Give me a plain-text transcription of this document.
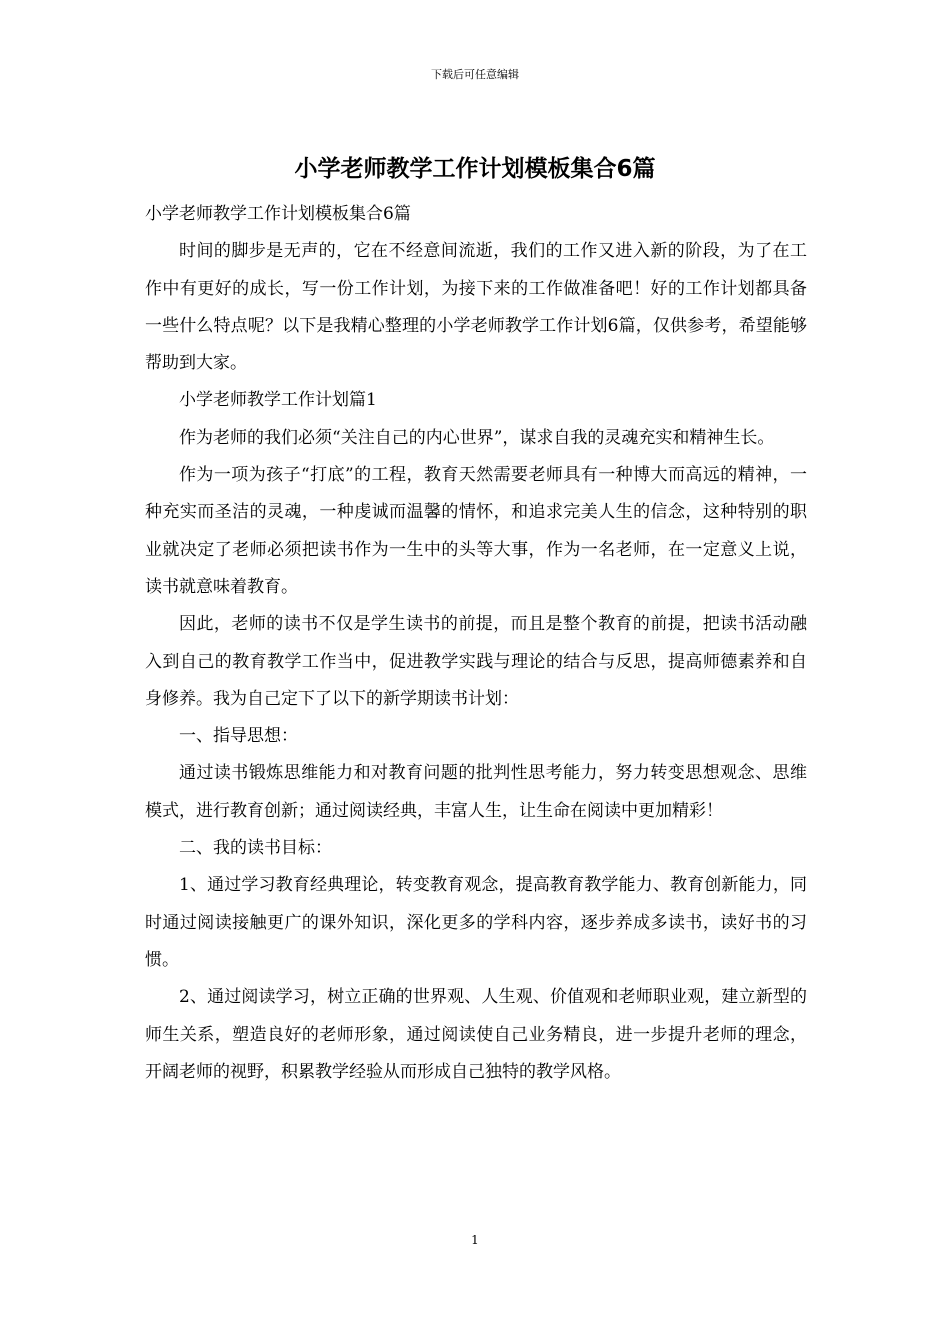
下载后可任意编辑
小学老师教学工作计划模板集合6篇

小学老师教学工作计划模板集合6篇

时间的脚步是无声的，它在不经意间流逝，我们的工作又进入新的阶段，为了在工作中有更好的成长，写一份工作计划，为接下来的工作做准备吧！好的工作计划都具备一些什么特点呢？以下是我精心整理的小学老师教学工作计划6篇，仅供参考，希望能够帮助到大家。

小学老师教学工作计划篇1

作为老师的我们必须“关注自己的内心世界”，谋求自我的灵魂充实和精神生长。

作为一项为孩子“打底”的工程，教育天然需要老师具有一种博大而高远的精神，一种充实而圣洁的灵魂，一种虔诚而温馨的情怀，和追求完美人生的信念，这种特别的职业就决定了老师必须把读书作为一生中的头等大事，作为一名老师，在一定意义上说，读书就意味着教育。

因此，老师的读书不仅是学生读书的前提，而且是整个教育的前提，把读书活动融入到自己的教育教学工作当中，促进教学实践与理论的结合与反思，提高师德素养和自身修养。我为自己定下了以下的新学期读书计划：

一、指导思想：

通过读书锻炼思维能力和对教育问题的批判性思考能力，努力转变思想观念、思维模式，进行教育创新；通过阅读经典，丰富人生，让生命在阅读中更加精彩！

二、我的读书目标：

1、通过学习教育经典理论，转变教育观念，提高教育教学能力、教育创新能力，同时通过阅读接触更广的课外知识，深化更多的学科内容，逐步养成多读书，读好书的习惯。

2、通过阅读学习，树立正确的世界观、人生观、价值观和老师职业观，建立新型的师生关系，塑造良好的老师形象，通过阅读使自己业务精良，进一步提升老师的理念，开阔老师的视野，积累教学经验从而形成自己独特的教学风格。

1
